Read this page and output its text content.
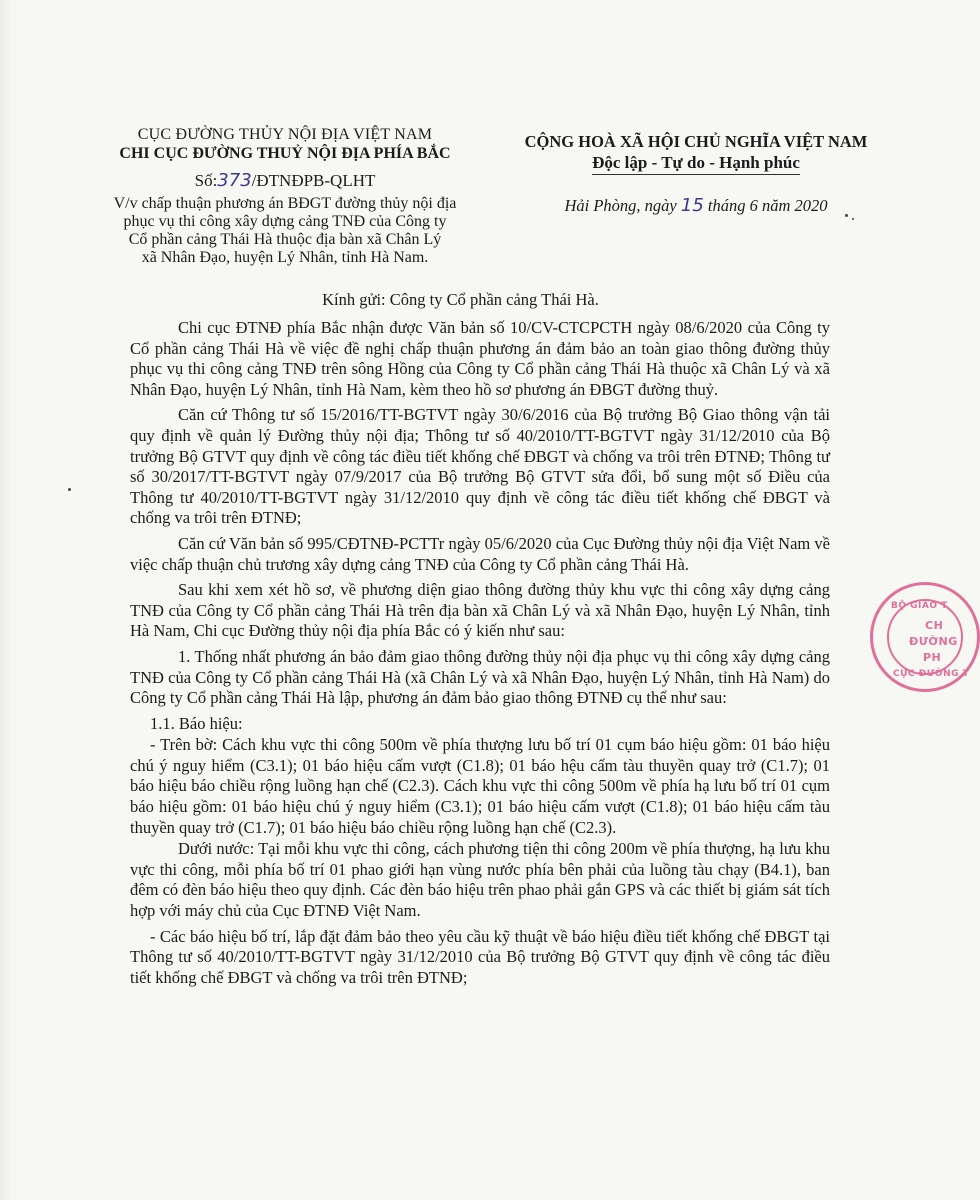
CỤC ĐƯỜNG THỦY NỘI ĐỊA VIỆT NAM
CHI CỤC ĐƯỜNG THUỶ NỘI ĐỊA PHÍA BẮC
Số:373/ĐTNĐPB-QLHT
V/v chấp thuận phương án BĐGT đường thủy nội địa
phục vụ thi công xây dựng cảng TNĐ của Công ty
Cổ phần cảng Thái Hà thuộc địa bàn xã Chân Lý
xã Nhân Đạo, huyện Lý Nhân, tỉnh Hà Nam.
CỘNG HOÀ XÃ HỘI CHỦ NGHĨA VIỆT NAM
Độc lập - Tự do - Hạnh phúc
Hải Phòng, ngày 15 tháng 6 năm 2020
Kính gửi: Công ty Cổ phần cảng Thái Hà.

Chi cục ĐTNĐ phía Bắc nhận được Văn bản số 10/CV-CTCPCTH ngày 08/6/2020 của Công ty Cổ phần cảng Thái Hà về việc đề nghị chấp thuận phương án đảm bảo an toàn giao thông đường thủy phục vụ thi công cảng TNĐ trên sông Hồng của Công ty Cổ phần cảng Thái Hà thuộc xã Chân Lý và xã Nhân Đạo, huyện Lý Nhân, tỉnh Hà Nam, kèm theo hồ sơ phương án ĐBGT đường thuỷ.

Căn cứ Thông tư số 15/2016/TT-BGTVT ngày 30/6/2016 của Bộ trưởng Bộ Giao thông vận tải quy định về quản lý Đường thủy nội địa; Thông tư số 40/2010/TT-BGTVT ngày 31/12/2010 của Bộ trưởng Bộ GTVT quy định về công tác điều tiết khống chế ĐBGT và chống va trôi trên ĐTNĐ; Thông tư số 30/2017/TT-BGTVT ngày 07/9/2017 của Bộ trưởng Bộ GTVT sửa đổi, bổ sung một số Điều của Thông tư 40/2010/TT-BGTVT ngày 31/12/2010 quy định về công tác điều tiết khống chế ĐBGT và chống va trôi trên ĐTNĐ;

Căn cứ Văn bản số 995/CĐTNĐ-PCTTr ngày 05/6/2020 của Cục Đường thủy nội địa Việt Nam về việc chấp thuận chủ trương xây dựng cảng TNĐ của Công ty Cổ phần cảng Thái Hà.

Sau khi xem xét hồ sơ, về phương diện giao thông đường thủy khu vực thi công xây dựng cảng TNĐ của Công ty Cổ phần cảng Thái Hà trên địa bàn xã Chân Lý và xã Nhân Đạo, huyện Lý Nhân, tỉnh Hà Nam, Chi cục Đường thủy nội địa phía Bắc có ý kiến như sau:

1. Thống nhất phương án bảo đảm giao thông đường thủy nội địa phục vụ thi công xây dựng cảng TNĐ của Công ty Cổ phần cảng Thái Hà (xã Chân Lý và xã Nhân Đạo, huyện Lý Nhân, tỉnh Hà Nam) do Công ty Cổ phần cảng Thái Hà lập, phương án đảm bảo giao thông ĐTNĐ cụ thể như sau:

1.1. Báo hiệu:

- Trên bờ: Cách khu vực thi công 500m về phía thượng lưu bố trí 01 cụm báo hiệu gồm: 01 báo hiệu chú ý nguy hiểm (C3.1); 01 báo hiệu cấm vượt (C1.8); 01 báo hệu cấm tàu thuyền quay trở (C1.7); 01 báo hiệu báo chiều rộng luồng hạn chế (C2.3). Cách khu vực thi công 500m về phía hạ lưu bố trí 01 cụm báo hiệu gồm: 01 báo hiệu chú ý nguy hiểm (C3.1); 01 báo hiệu cấm vượt (C1.8); 01 báo hiệu cấm tàu thuyền quay trở (C1.7); 01 báo hiệu báo chiều rộng luồng hạn chế (C2.3).

Dưới nước: Tại mỗi khu vực thi công, cách phương tiện thi công 200m về phía thượng, hạ lưu khu vực thi công, mỗi phía bố trí 01 phao giới hạn vùng nước phía bên phải của luồng tàu chạy (B4.1), ban đêm có đèn báo hiệu theo quy định. Các đèn báo hiệu trên phao phải gắn GPS và các thiết bị giám sát tích hợp với máy chủ của Cục ĐTNĐ Việt Nam.

- Các báo hiệu bố trí, lắp đặt đảm bảo theo yêu cầu kỹ thuật về báo hiệu điều tiết khống chế ĐBGT tại Thông tư số 40/2010/TT-BGTVT ngày 31/12/2010 của Bộ trưởng Bộ GTVT quy định về công tác điều tiết khống chế ĐBGT và chống va trôi trên ĐTNĐ;

BỘ GIAO T
CH
ĐƯỜNG
PH
CỤC ĐƯỜNG T
